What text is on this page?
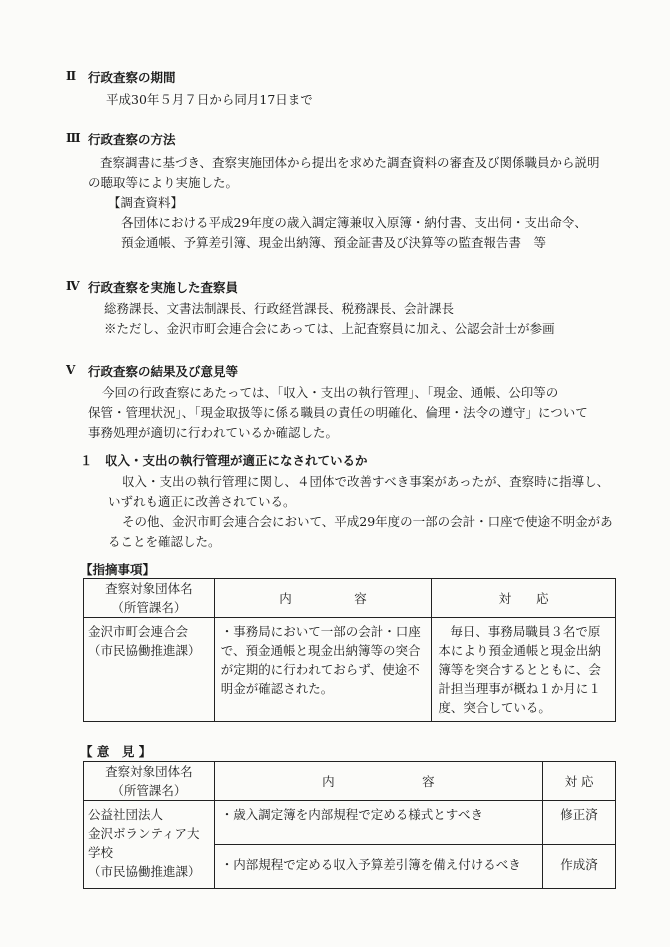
Ⅱ 行政査察の期間
平成30年５月７日から同月17日まで
Ⅲ 行政査察の方法
査察調書に基づき、査察実施団体から提出を求めた調査資料の審査及び関係職員から説明
の聴取等により実施した。
【調査資料】
各団体における平成29年度の歳入調定簿兼収入原簿・納付書、支出伺・支出命令、
預金通帳、予算差引簿、現金出納簿、預金証書及び決算等の監査報告書　等
Ⅳ 行政査察を実施した査察員
総務課長、文書法制課長、行政経営課長、税務課長、会計課長
※ただし、金沢市町会連合会にあっては、上記査察員に加え、公認会計士が参画
Ⅴ 行政査察の結果及び意見等
今回の行政査察にあたっては、「収入・支出の執行管理」、「現金、通帳、公印等の
保管・管理状況」、「現金取扱等に係る職員の責任の明確化、倫理・法令の遵守」について
事務処理が適切に行われているか確認した。
１　収入・支出の執行管理が適正になされているか
収入・支出の執行管理に関し、４団体で改善すべき事案があったが、査察時に指導し、
いずれも適正に改善されている。
その他、金沢市町会連合会において、平成29年度の一部の会計・口座で使途不明金があ
ることを確認した。
【指摘事項】
査察対象団体名
（所管課名）	内　　　　　容	対　　応

金沢市町会連合会
（市民協働推進課）	・事務局において一部の会計・口座で、預金通帳と現金出納簿等の突合が定期的に行われておらず、使途不明金が確認された。	毎日、事務局職員３名で原本により預金通帳と現金出納簿等を突合するとともに、会計担当理事が概ね１か月に１度、突合している。
【 意　見 】
査察対象団体名
（所管課名）	内　　　　　　　容	対 応

公益社団法人
金沢ボランティア大学校
（市民協働推進課）	・歳入調定簿を内部規程で定める様式とすべき	修正済
	・内部規程で定める収入予算差引簿を備え付けるべき	作成済
